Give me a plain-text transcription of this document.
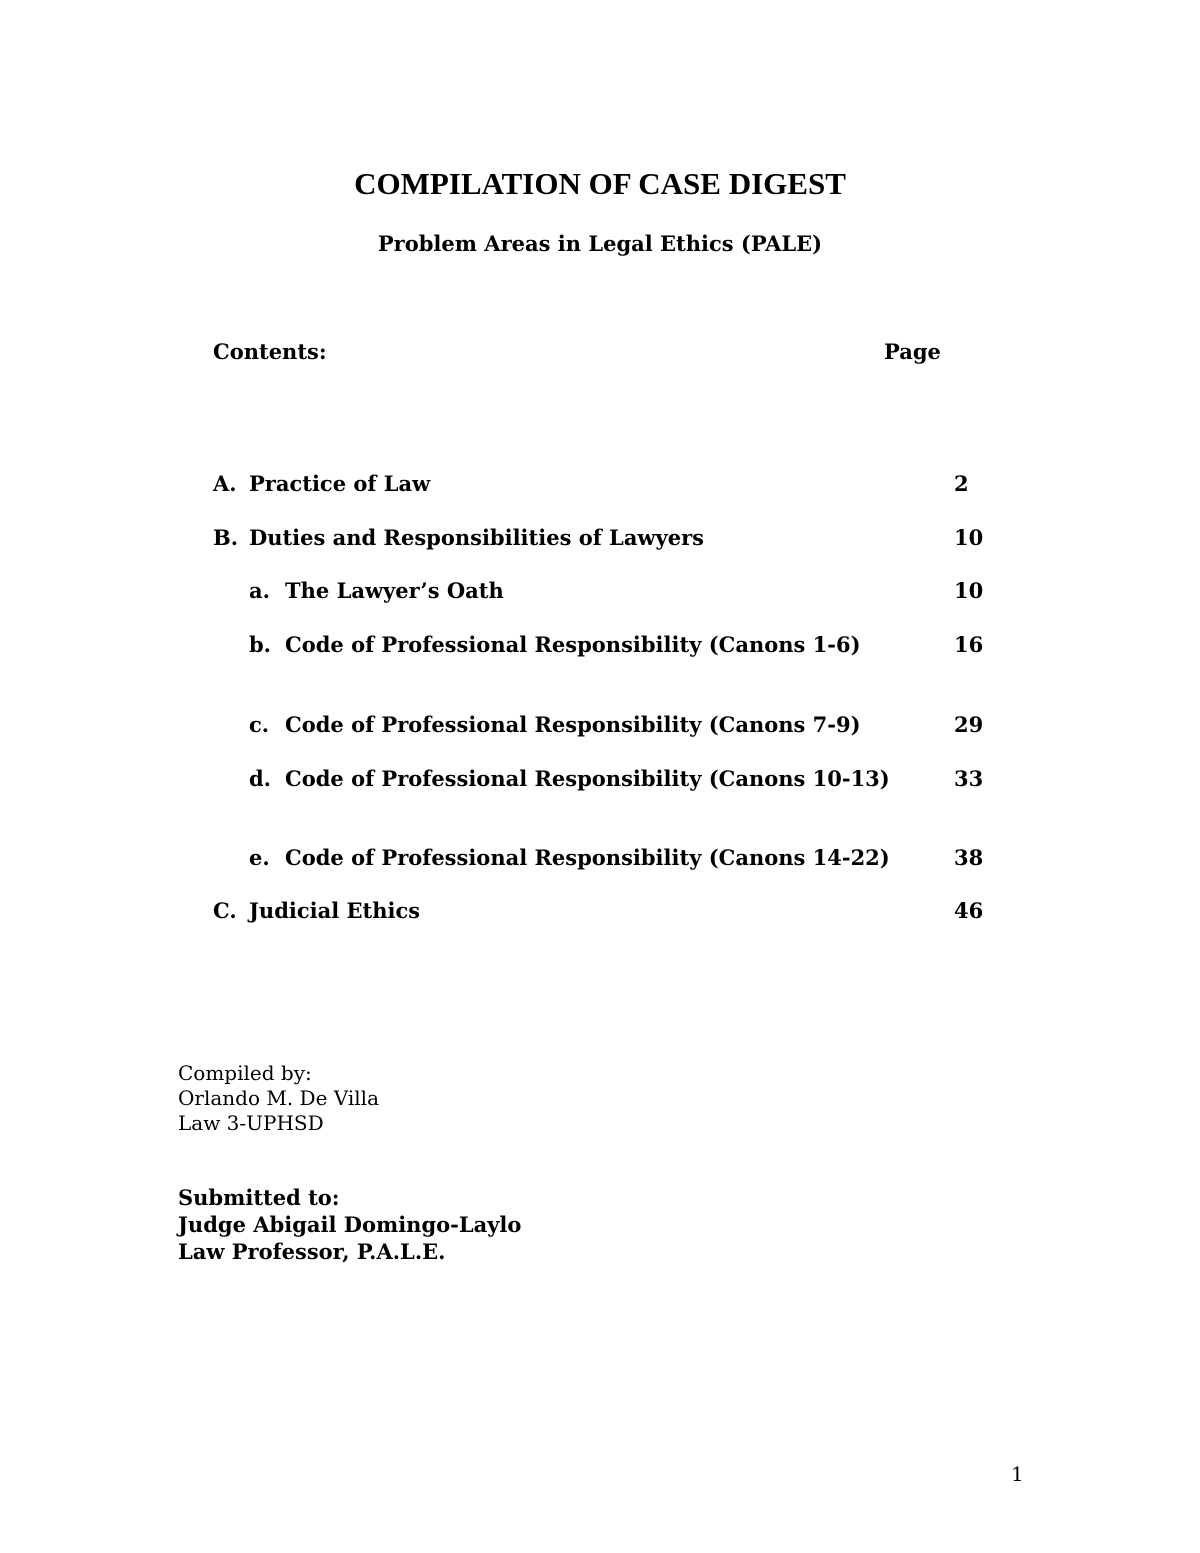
COMPILATION OF CASE DIGEST
Problem Areas in Legal Ethics (PALE)
Contents:	Page
A. Practice of Law	2
B. Duties and Responsibilities of Lawyers	10
a. The Lawyer’s Oath	10
b. Code of Professional Responsibility (Canons 1-6)	16
c. Code of Professional Responsibility (Canons 7-9)	29
d. Code of Professional Responsibility (Canons 10-13)	33
e. Code of Professional Responsibility (Canons 14-22)	38
C. Judicial Ethics	46
Compiled by:
Orlando M. De Villa
Law 3-UPHSD
Submitted to:
Judge Abigail Domingo-Laylo
Law Professor, P.A.L.E.
1
